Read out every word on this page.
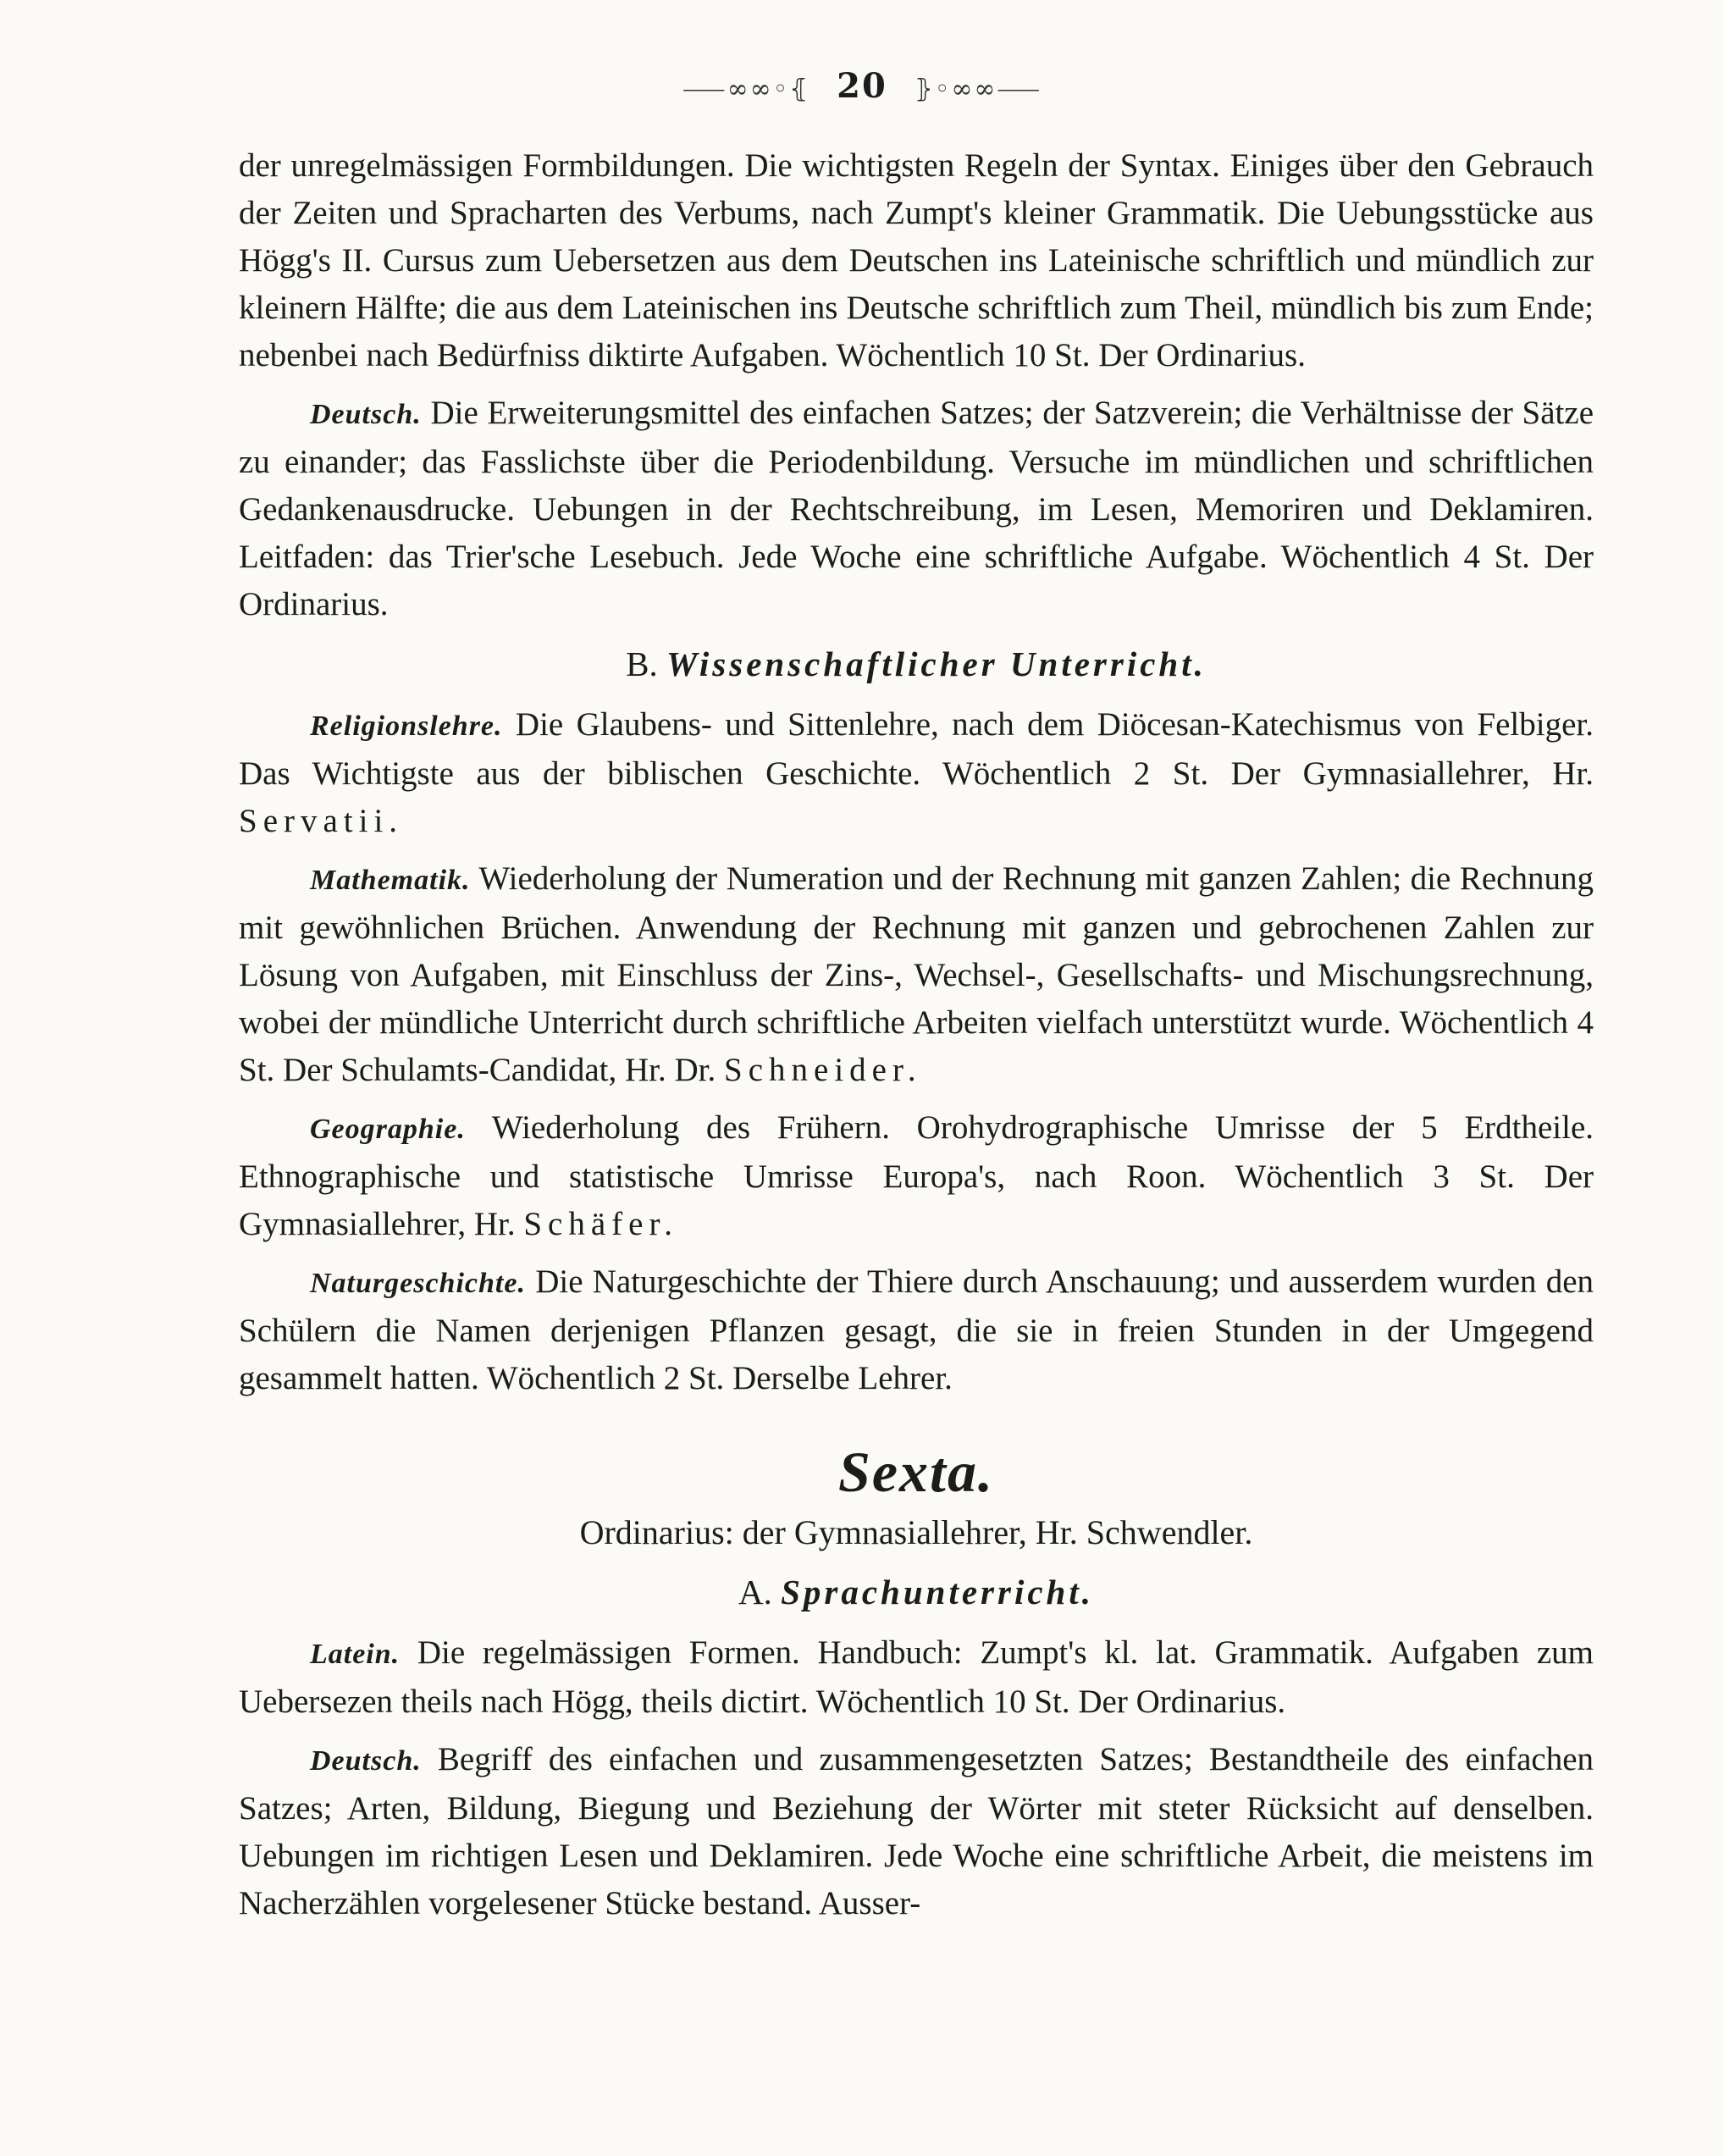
⸺∞∞◦⦃ 20 ⦄◦∞∞⸺

der unregelmässigen Formbildungen. Die wichtigsten Regeln der Syntax. Einiges über den Gebrauch der Zeiten und Spracharten des Verbums, nach Zumpt's kleiner Grammatik. Die Uebungsstücke aus Högg's II. Cursus zum Uebersetzen aus dem Deutschen ins Lateinische schriftlich und mündlich zur kleinern Hälfte; die aus dem Lateinischen ins Deutsche schriftlich zum Theil, mündlich bis zum Ende; nebenbei nach Bedürfniss diktirte Aufgaben. Wöchentlich 10 St. Der Ordinarius.

Deutsch. Die Erweiterungsmittel des einfachen Satzes; der Satzverein; die Verhältnisse der Sätze zu einander; das Fasslichste über die Periodenbildung. Versuche im mündlichen und schriftlichen Gedankenausdrucke. Uebungen in der Rechtschreibung, im Lesen, Memoriren und Deklamiren. Leitfaden: das Trier'sche Lesebuch. Jede Woche eine schriftliche Aufgabe. Wöchentlich 4 St. Der Ordinarius.

B. Wissenschaftlicher Unterricht.

Religionslehre. Die Glaubens- und Sittenlehre, nach dem Diöcesan-Katechismus von Felbiger. Das Wichtigste aus der biblischen Geschichte. Wöchentlich 2 St. Der Gymnasiallehrer, Hr. Servatii.

Mathematik. Wiederholung der Numeration und der Rechnung mit ganzen Zahlen; die Rechnung mit gewöhnlichen Brüchen. Anwendung der Rechnung mit ganzen und gebrochenen Zahlen zur Lösung von Aufgaben, mit Einschluss der Zins-, Wechsel-, Gesellschafts- und Mischungsrechnung, wobei der mündliche Unterricht durch schriftliche Arbeiten vielfach unterstützt wurde. Wöchentlich 4 St. Der Schulamts-Candidat, Hr. Dr. Schneider.

Geographie. Wiederholung des Frühern. Orohydrographische Umrisse der 5 Erdtheile. Ethnographische und statistische Umrisse Europa's, nach Roon. Wöchentlich 3 St. Der Gymnasiallehrer, Hr. Schäfer.

Naturgeschichte. Die Naturgeschichte der Thiere durch Anschauung; und ausserdem wurden den Schülern die Namen derjenigen Pflanzen gesagt, die sie in freien Stunden in der Umgegend gesammelt hatten. Wöchentlich 2 St. Derselbe Lehrer.

Sexta.
Ordinarius: der Gymnasiallehrer, Hr. Schwendler.
A. Sprachunterricht.

Latein. Die regelmässigen Formen. Handbuch: Zumpt's kl. lat. Grammatik. Aufgaben zum Uebersezen theils nach Högg, theils dictirt. Wöchentlich 10 St. Der Ordinarius.

Deutsch. Begriff des einfachen und zusammengesetzten Satzes; Bestandtheile des einfachen Satzes; Arten, Bildung, Biegung und Beziehung der Wörter mit steter Rücksicht auf denselben. Uebungen im richtigen Lesen und Deklamiren. Jede Woche eine schriftliche Arbeit, die meistens im Nacherzählen vorgelesener Stücke bestand. Ausser-
